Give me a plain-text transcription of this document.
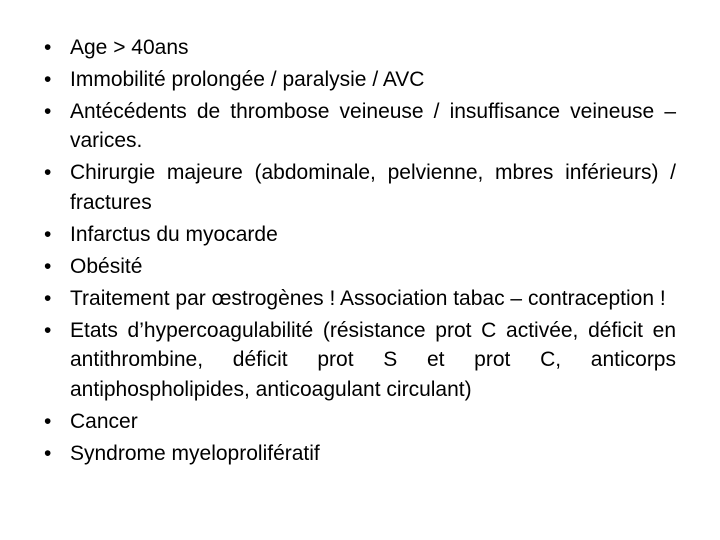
• Age > 40ans
• Immobilité prolongée / paralysie / AVC
• Antécédents de thrombose veineuse / insuffisance veineuse – varices.
• Chirurgie majeure (abdominale, pelvienne, mbres inférieurs) / fractures
• Infarctus du myocarde
• Obésité
• Traitement par œstrogènes ! Association tabac – contraception !
• Etats d’hypercoagulabilité (résistance prot C activée, déficit en antithrombine, déficit prot S et prot C, anticorps antiphospholipides, anticoagulant circulant)
• Cancer
• Syndrome myeloprolifératif
